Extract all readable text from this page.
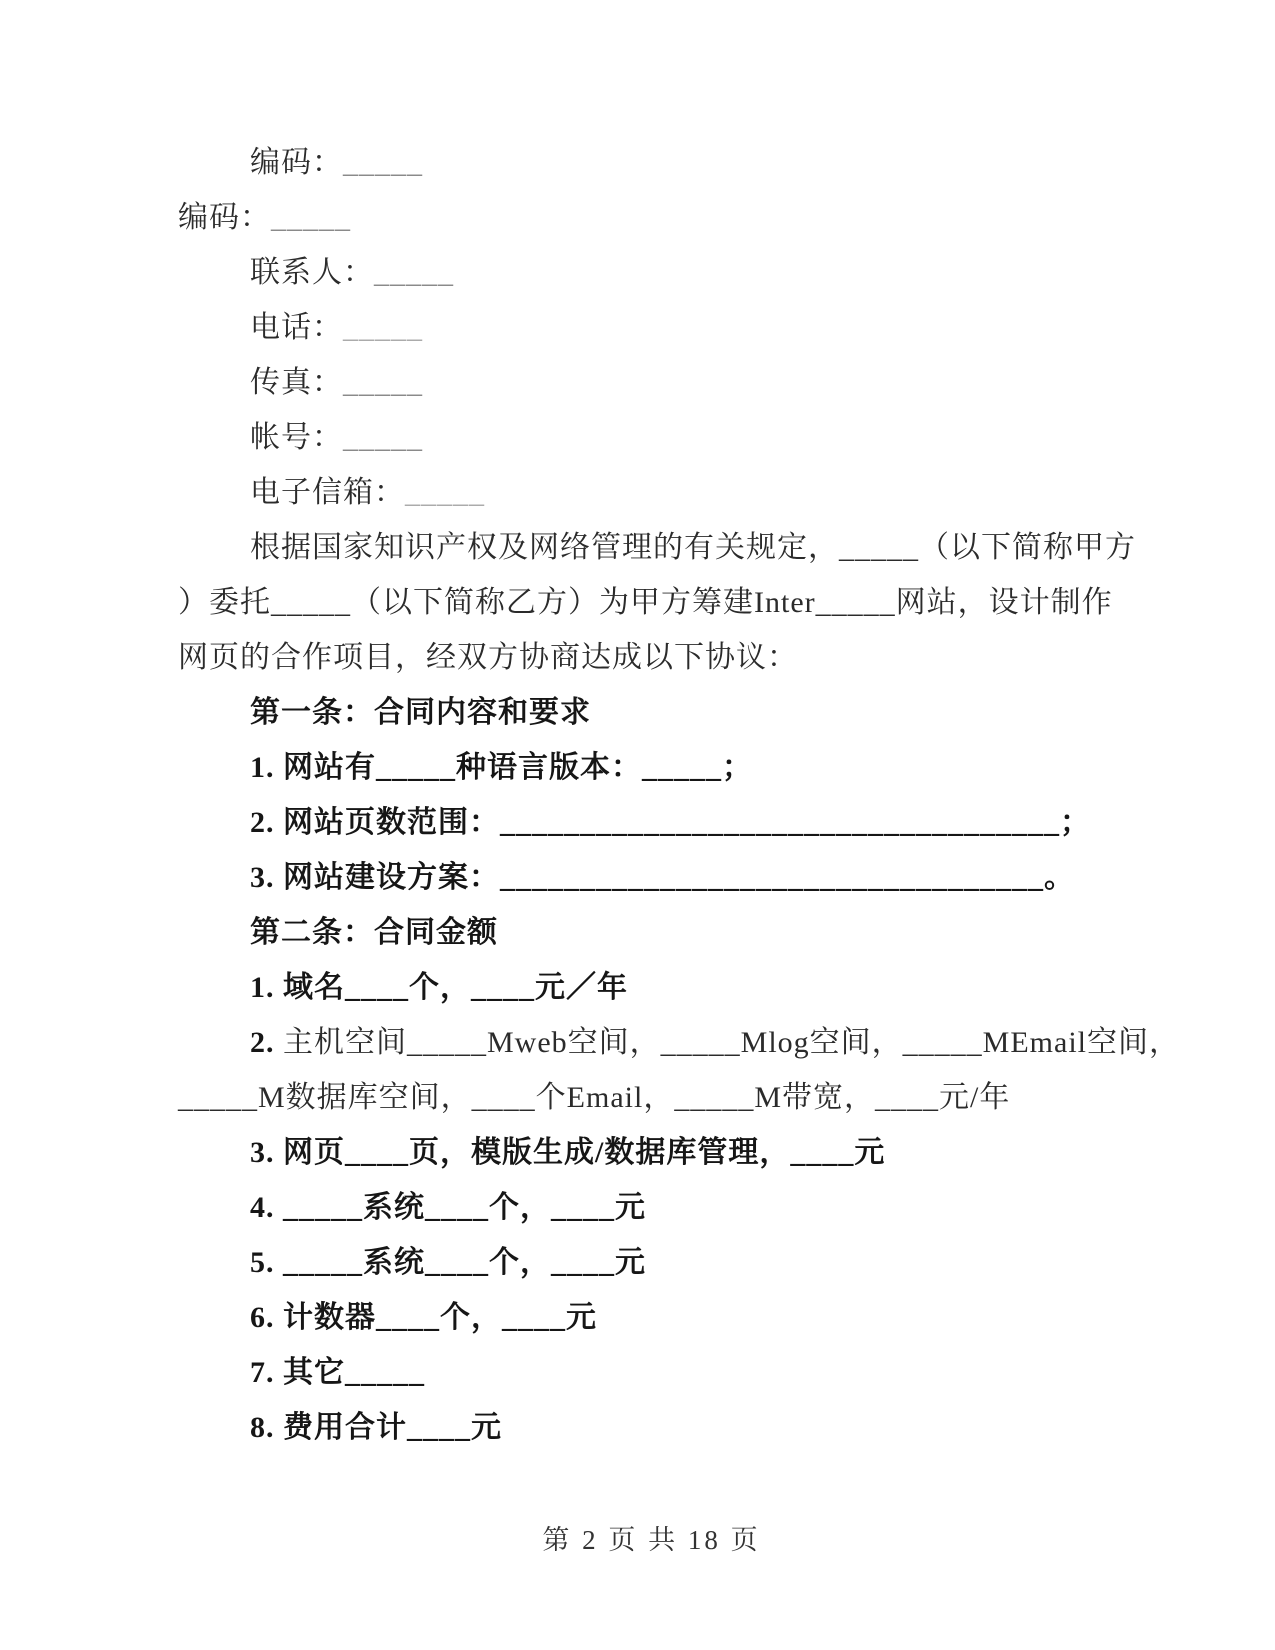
编码：_____
编码：_____
联系人：_____
电话：_____
传真：_____
帐号：_____
电子信箱：_____
根据国家知识产权及网络管理的有关规定，_____（以下简称甲方
）委托_____（以下简称乙方）为甲方筹建Inter_____网站，设计制作
网页的合作项目，经双方协商达成以下协议：
第一条：合同内容和要求
1. 网站有_____种语言版本：_____；
2. 网站页数范围：___________________________________；
3. 网站建设方案：__________________________________。
第二条：合同金额
1. 域名____个，____元／年
2. 主机空间_____Mweb空间，_____Mlog空间，_____MEmail空间，
_____M数据库空间，____个Email，_____M带宽，____元/年
3. 网页____页，模版生成/数据库管理，____元
4. _____系统____个，____元
5. _____系统____个，____元
6. 计数器____个，____元
7. 其它_____
8. 费用合计____元
第 2 页 共 18 页
